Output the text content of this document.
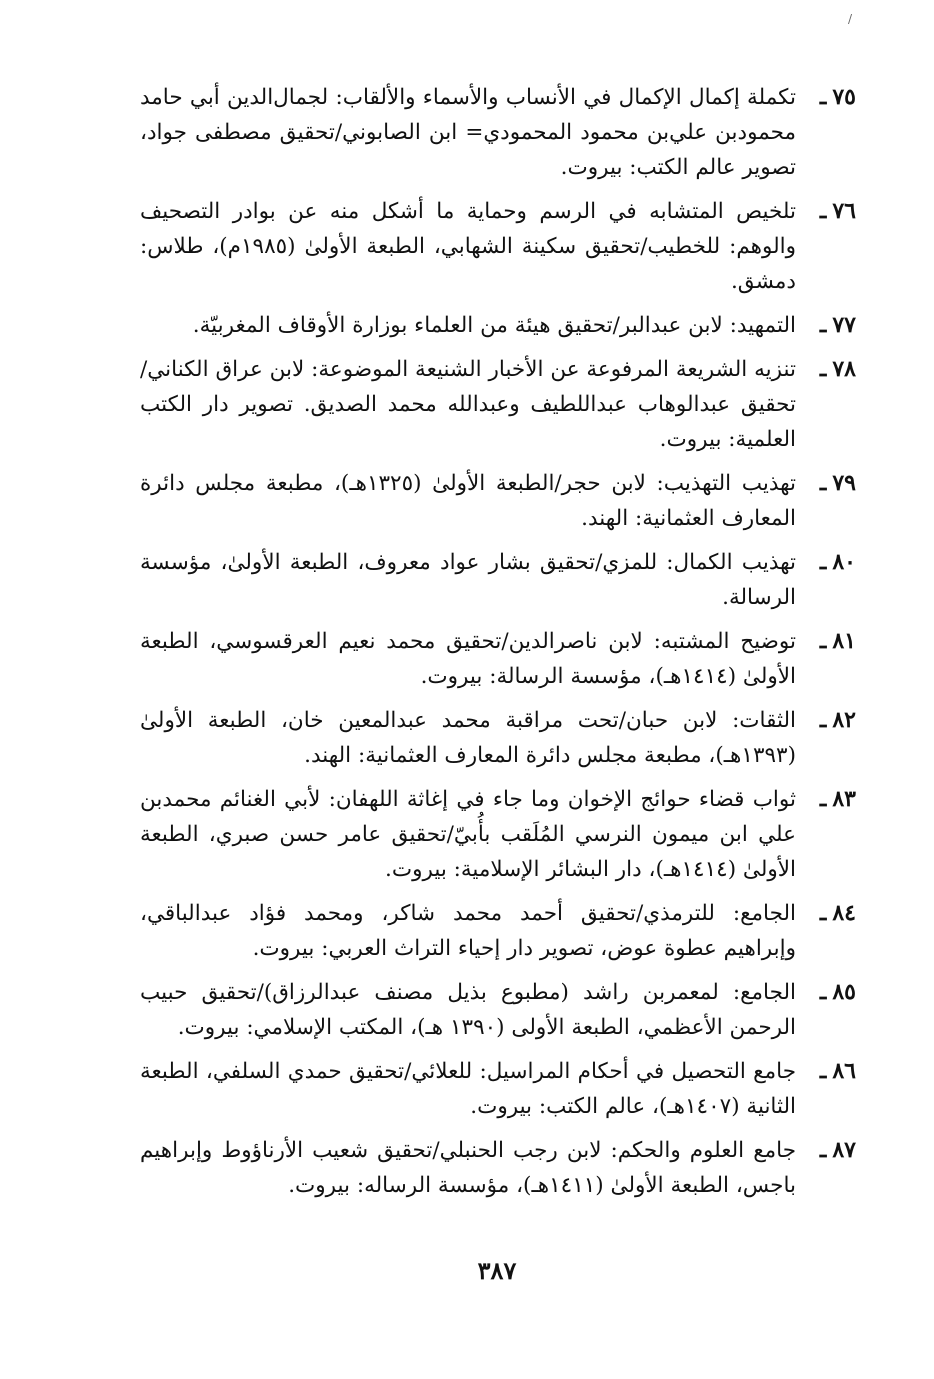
/
٧٥ـ
تكملة إكمال الإكمال في الأنساب والأسماء والألقاب: لجمال‌الدين أبي حامد محمودبن علي‌بن محمود المحمودي= ابن الصابوني/تحقيق مصطفى جواد، تصوير عالم الكتب: بيروت.
٧٦ـ
تلخيص المتشابه في الرسم وحماية ما أشكل منه عن بوادر التصحيف والوهم: للخطيب/تحقيق سكينة الشهابي، الطبعة الأولىٰ (١٩٨٥م)، طلاس: دمشق.
٧٧ـ
التمهيد: لابن عبدالبر/تحقيق هيئة من العلماء بوزارة الأوقاف المغربيّة.
٧٨ـ
تنزيه الشريعة المرفوعة عن الأخبار الشنيعة الموضوعة: لابن عراق الكناني/تحقيق عبدالوهاب عبداللطيف وعبدالله محمد الصديق. تصوير دار الكتب العلمية: بيروت.
٧٩ـ
تهذيب التهذيب: لابن حجر/الطبعة الأولىٰ (١٣٢٥هـ)، مطبعة مجلس دائرة المعارف العثمانية: الهند.
٨٠ـ
تهذيب الكمال: للمزي/تحقيق بشار عواد معروف، الطبعة الأولىٰ، مؤسسة الرسالة.
٨١ـ
توضيح المشتبه: لابن ناصرالدين/تحقيق محمد نعيم العرقسوسي، الطبعة الأولىٰ (١٤١٤هـ)، مؤسسة الرسالة: بيروت.
٨٢ـ
الثقات: لابن حبان/تحت مراقبة محمد عبدالمعين خان، الطبعة الأولىٰ (١٣٩٣هـ)، مطبعة مجلس دائرة المعارف العثمانية: الهند.
٨٣ـ
ثواب قضاء حوائج الإخوان وما جاء في إغاثة اللهفان: لأبي الغنائم محمدبن علي ابن ميمون النرسي المُلَقب بأُبيّ/تحقيق عامر حسن صبري، الطبعة الأولىٰ (١٤١٤هـ)، دار البشائر الإسلامية: بيروت.
٨٤ـ
الجامع: للترمذي/تحقيق أحمد محمد شاكر، ومحمد فؤاد عبدالباقي، وإبراهيم عطوة عوض، تصوير دار إحياء التراث العربي: بيروت.
٨٥ـ
الجامع: لمعمربن راشد (مطبوع بذيل مصنف عبدالرزاق)/تحقيق حبيب الرحمن الأعظمي، الطبعة الأولى (١٣٩٠ هـ)، المكتب الإسلامي: بيروت.
٨٦ـ
جامع التحصيل في أحكام المراسيل: للعلائي/تحقيق حمدي السلفي، الطبعة الثانية (١٤٠٧هـ)، عالم الكتب: بيروت.
٨٧ـ
جامع العلوم والحكم: لابن رجب الحنبلي/تحقيق شعيب الأرناؤوط وإبراهيم باجس، الطبعة الأولىٰ (١٤١١هـ)، مؤسسة الرساله: بيروت.
٣٨٧
